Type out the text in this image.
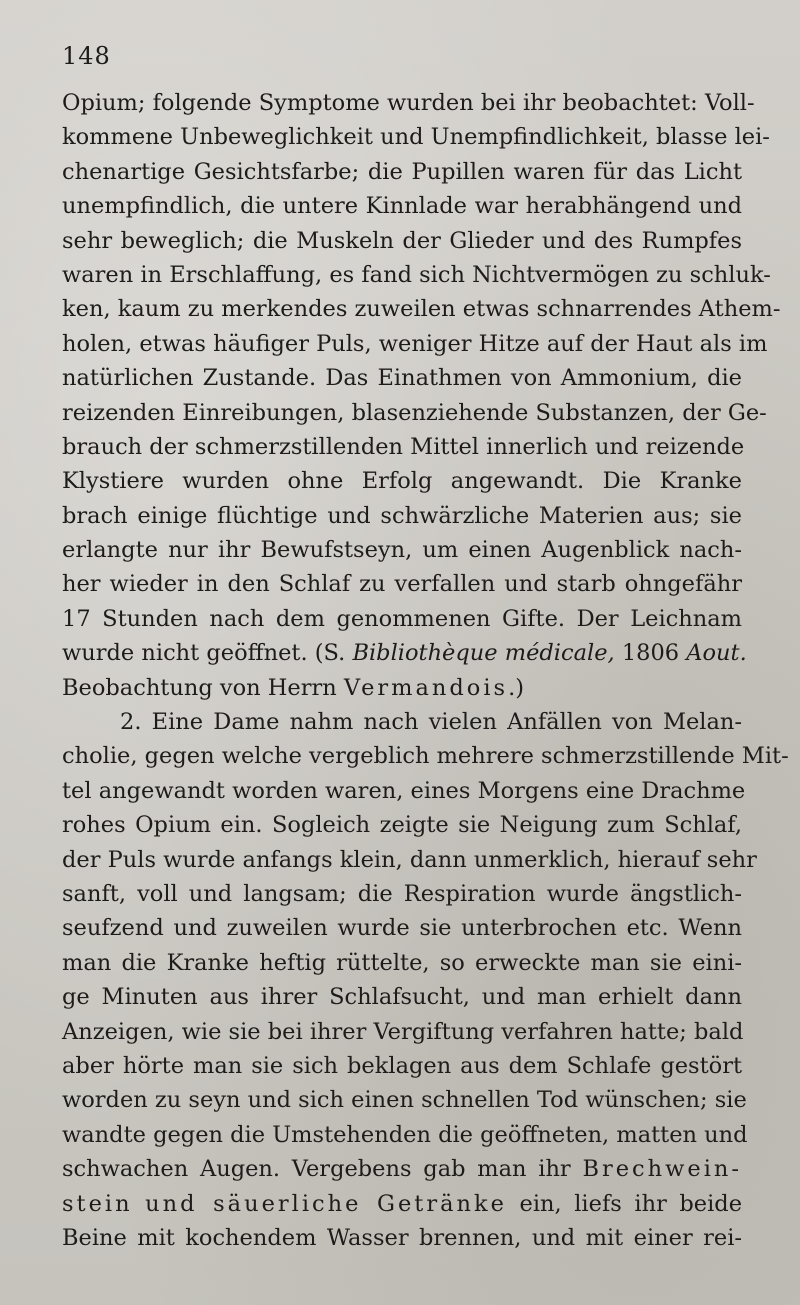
148
Opium; folgende Symptome wurden bei ihr beobachtet: Voll-
kommene Unbeweglichkeit und Unempfindlichkeit, blasse lei-
chenartige Gesichtsfarbe; die Pupillen waren für das Licht
unempfindlich, die untere Kinnlade war herabhängend und
sehr beweglich; die Muskeln der Glieder und des Rumpfes
waren in Erschlaffung, es fand sich Nichtvermögen zu schluk-
ken, kaum zu merkendes zuweilen etwas schnarrendes Athem-
holen, etwas häufiger Puls, weniger Hitze auf der Haut als im
natürlichen Zustande. Das Einathmen von Ammonium, die
reizenden Einreibungen, blasenziehende Substanzen, der Ge-
brauch der schmerzstillenden Mittel innerlich und reizende
Klystiere wurden ohne Erfolg angewandt. Die Kranke
brach einige flüchtige und schwärzliche Materien aus; sie
erlangte nur ihr Bewufstseyn, um einen Augenblick nach-
her wieder in den Schlaf zu verfallen und starb ohngefähr
17 Stunden nach dem genommenen Gifte. Der Leichnam
wurde nicht geöffnet. (S. Bibliothèque médicale, 1806 Aout.
Beobachtung von Herrn Vermandois.)
2. Eine Dame nahm nach vielen Anfällen von Melan-
cholie, gegen welche vergeblich mehrere schmerzstillende Mit-
tel angewandt worden waren, eines Morgens eine Drachme
rohes Opium ein. Sogleich zeigte sie Neigung zum Schlaf,
der Puls wurde anfangs klein, dann unmerklich, hierauf sehr
sanft, voll und langsam; die Respiration wurde ängstlich-
seufzend und zuweilen wurde sie unterbrochen etc. Wenn
man die Kranke heftig rüttelte, so erweckte man sie eini-
ge Minuten aus ihrer Schlafsucht, und man erhielt dann
Anzeigen, wie sie bei ihrer Vergiftung verfahren hatte; bald
aber hörte man sie sich beklagen aus dem Schlafe gestört
worden zu seyn und sich einen schnellen Tod wünschen; sie
wandte gegen die Umstehenden die geöffneten, matten und
schwachen Augen. Vergebens gab man ihr Brechwein-
stein und säuerliche Getränke ein, liefs ihr beide
Beine mit kochendem Wasser brennen, und mit einer rei-
